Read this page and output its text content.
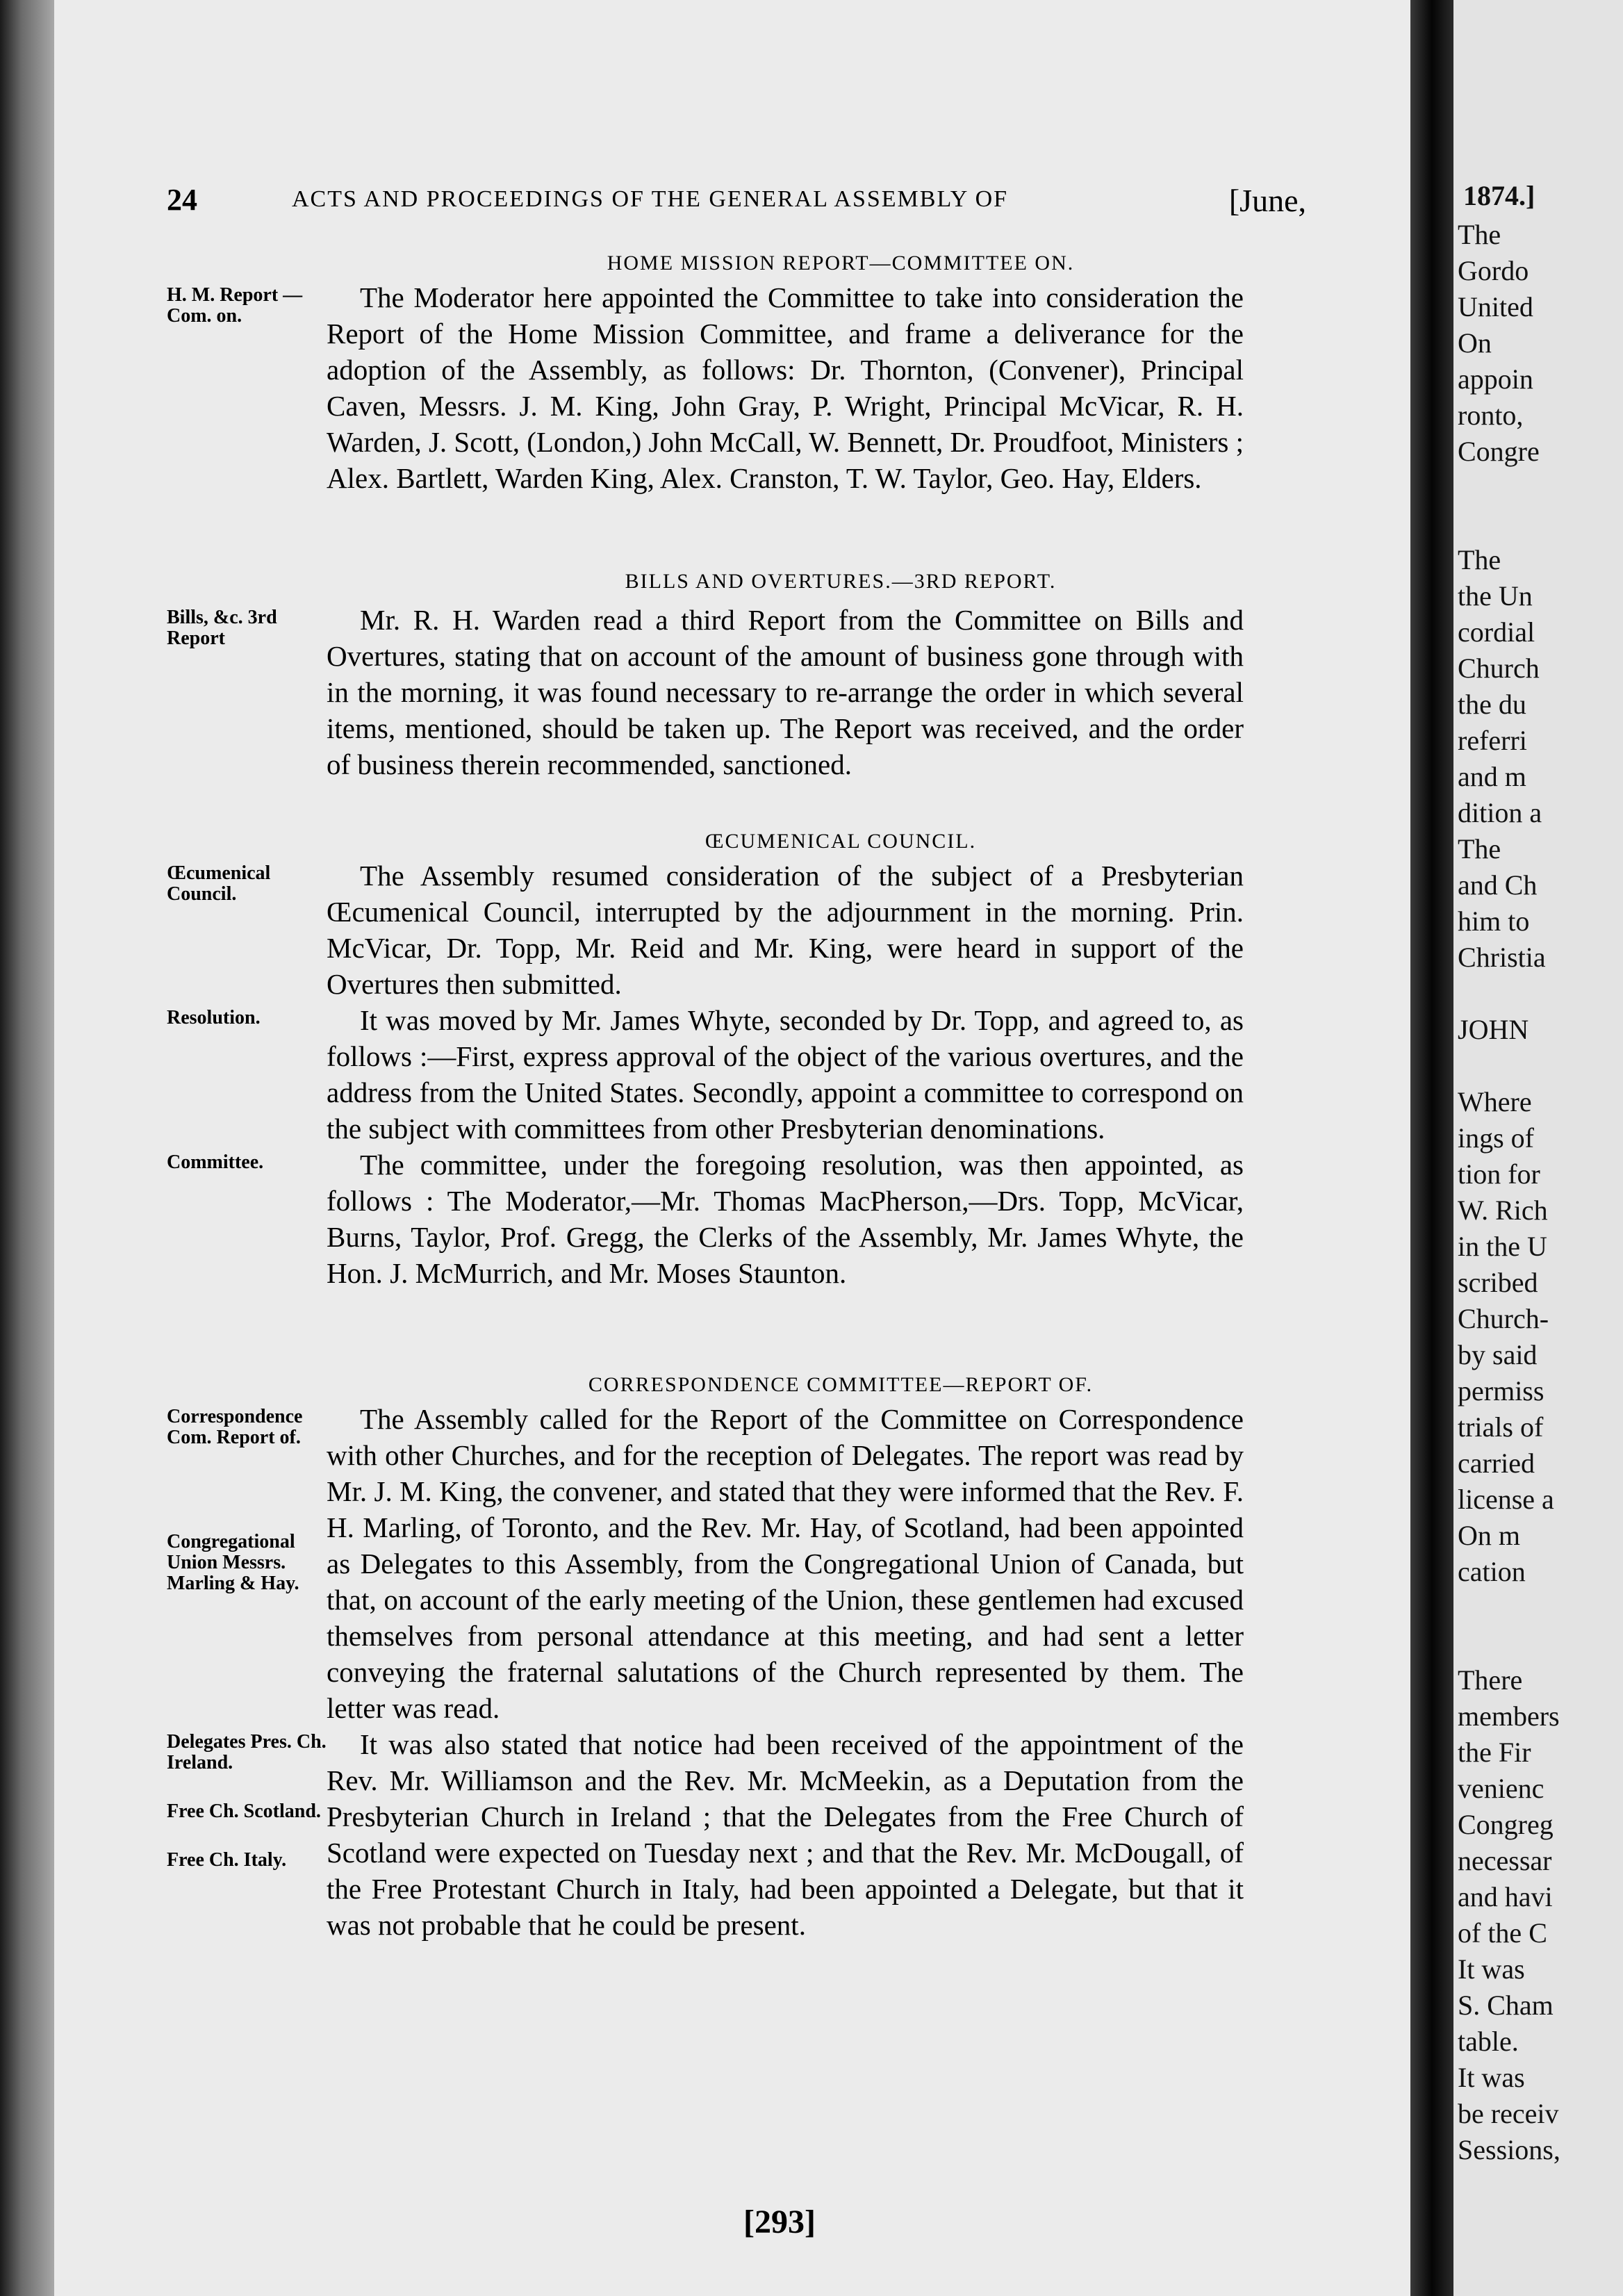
24	ACTS AND PROCEEDINGS OF THE GENERAL ASSEMBLY OF	[June,
HOME MISSION REPORT—COMMITTEE ON.
H. M. Report —Com. on.

The Moderator here appointed the Committee to take into consideration the Report of the Home Mission Committee, and frame a deliverance for the adoption of the Assembly, as follows: Dr. Thornton, (Convener), Principal Caven, Messrs. J. M. King, John Gray, P. Wright, Principal McVicar, R. H. Warden, J. Scott, (London,) John McCall, W. Bennett, Dr. Proudfoot, Ministers ; Alex. Bartlett, Warden King, Alex. Cranston, T. W. Taylor, Geo. Hay, Elders.

BILLS AND OVERTURES.—3RD REPORT.
Bills, &c. 3rd Report

Mr. R. H. Warden read a third Report from the Committee on Bills and Overtures, stating that on account of the amount of business gone through with in the morning, it was found necessary to re-arrange the order in which several items, mentioned, should be taken up. The Report was received, and the order of business therein recommended, sanctioned.

ŒCUMENICAL COUNCIL.
Œcumenical Council.

The Assembly resumed consideration of the subject of a Presbyterian Œcumenical Council, interrupted by the adjournment in the morning. Prin. McVicar, Dr. Topp, Mr. Reid and Mr. King, were heard in support of the Overtures then submitted.

Resolution.	It was moved by Mr. James Whyte, seconded by Dr. Topp, and agreed to, as follows :—First, express approval of the object of the various overtures, and the address from the United States. Secondly, appoint a committee to correspond on the subject with committees from other Presbyterian denominations.

Committee.	The committee, under the foregoing resolution, was then appointed, as follows : The Moderator,—Mr. Thomas MacPherson,—Drs. Topp, McVicar, Burns, Taylor, Prof. Gregg, the Clerks of the Assembly, Mr. James Whyte, the Hon. J. McMurrich, and Mr. Moses Staunton.

CORRESPONDENCE COMMITTEE—REPORT OF.
Correspondence Com. Report of.
Congregational Union Messrs. Marling & Hay.

The Assembly called for the Report of the Committee on Correspondence with other Churches, and for the reception of Delegates. The report was read by Mr. J. M. King, the convener, and stated that they were informed that the Rev. F. H. Marling, of Toronto, and the Rev. Mr. Hay, of Scotland, had been appointed as Delegates to this Assembly, from the Congregational Union of Canada, but that, on account of the early meeting of the Union, these gentlemen had excused themselves from personal attendance at this meeting, and had sent a letter conveying the fraternal salutations of the Church represented by them. The letter was read.

Delegates Pres. Ch. Ireland.
Free Ch. Scotland.
Free Ch. Italy.

It was also stated that notice had been received of the appointment of the Rev. Mr. Williamson and the Rev. Mr. McMeekin, as a Deputation from the Presbyterian Church in Ireland ; that the Delegates from the Free Church of Scotland were expected on Tuesday next ; and that the Rev. Mr. McDougall, of the Free Protestant Church in Italy, had been appointed a Delegate, but that it was not probable that he could be present.

[293]
1874.]
The
Gordo
United
On
appoin
ronto,
Congre

The
the Un
cordial
Church
the du
referri
and m
dition a
The
and Ch
him to
Christia

JOHN

Where
ings of
tion for
W. Rich
in the U
scribed
Church-
by said
permiss
trials of
carried
license a
On m
cation

There
members
the Fir
venienc
Congreg
necessar
and havi
of the C
It was
S. Cham
table.
It was
be receiv
Sessions,
